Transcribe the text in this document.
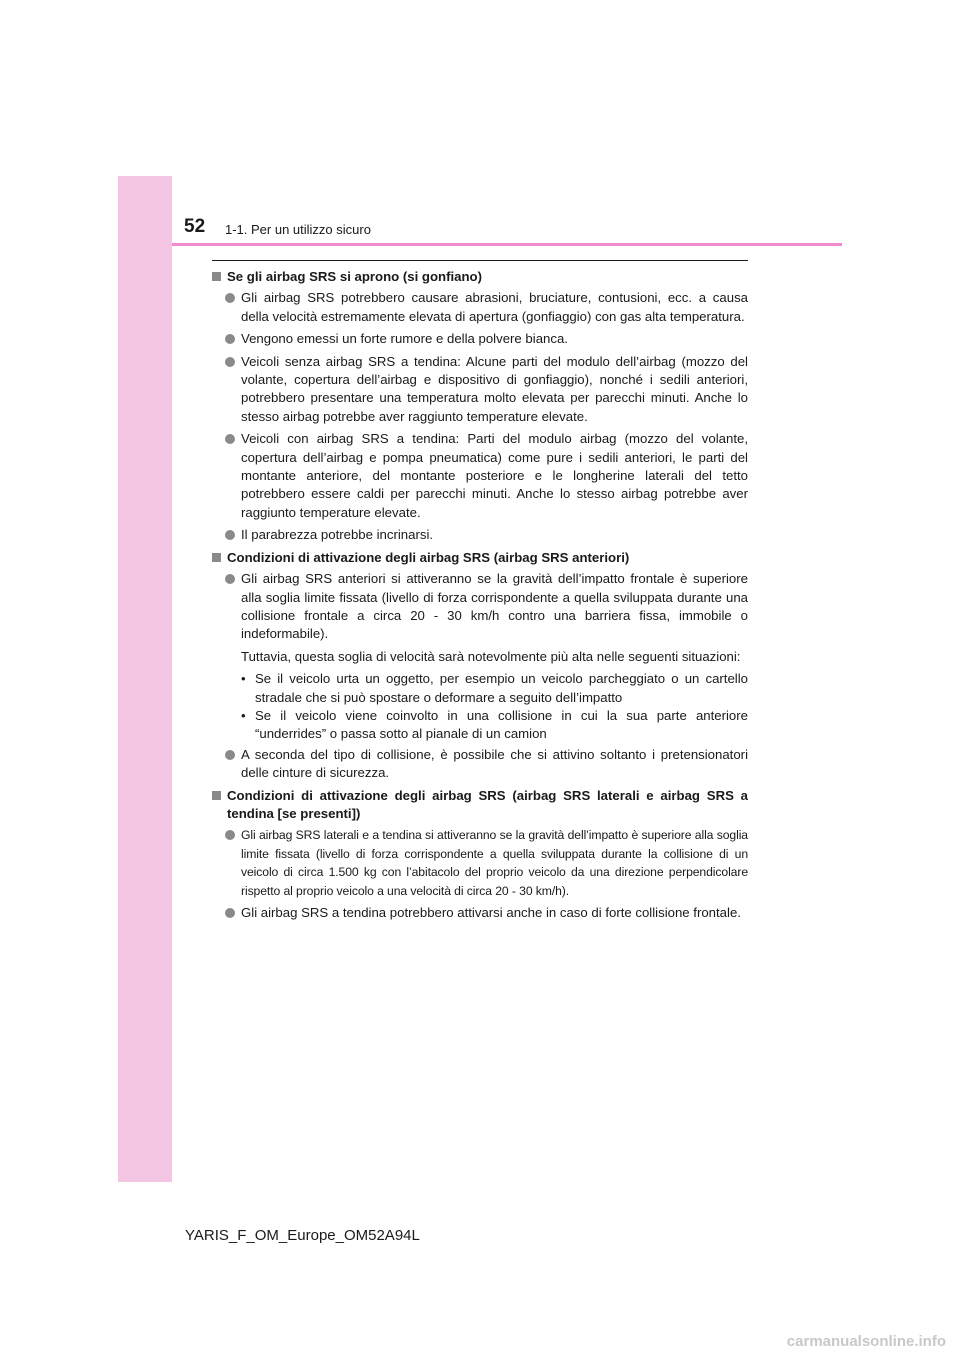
52 1-1. Per un utilizzo sicuro
Se gli airbag SRS si aprono (si gonfiano)
Gli airbag SRS potrebbero causare abrasioni, bruciature, contusioni, ecc. a causa della velocità estremamente elevata di apertura (gonfiaggio) con gas alta temperatura.
Vengono emessi un forte rumore e della polvere bianca.
Veicoli senza airbag SRS a tendina: Alcune parti del modulo dell’airbag (mozzo del volante, copertura dell’airbag e dispositivo di gonfiaggio), nonché i sedili anteriori, potrebbero presentare una temperatura molto elevata per parecchi minuti. Anche lo stesso airbag potrebbe aver raggiunto temperature elevate.
Veicoli con airbag SRS a tendina: Parti del modulo airbag (mozzo del volante, copertura dell’airbag e pompa pneumatica) come pure i sedili anteriori, le parti del montante anteriore, del montante posteriore e le longherine laterali del tetto potrebbero essere caldi per parecchi minuti. Anche lo stesso airbag potrebbe aver raggiunto temperature elevate.
Il parabrezza potrebbe incrinarsi.
Condizioni di attivazione degli airbag SRS (airbag SRS anteriori)
Gli airbag SRS anteriori si attiveranno se la gravità dell’impatto frontale è superiore alla soglia limite fissata (livello di forza corrispondente a quella sviluppata durante una collisione frontale a circa 20 - 30 km/h contro una barriera fissa, immobile o indeformabile).
Tuttavia, questa soglia di velocità sarà notevolmente più alta nelle seguenti situazioni:
• Se il veicolo urta un oggetto, per esempio un veicolo parcheggiato o un cartello stradale che si può spostare o deformare a seguito dell’impatto
• Se il veicolo viene coinvolto in una collisione in cui la sua parte anteriore “underrides” o passa sotto al pianale di un camion
A seconda del tipo di collisione, è possibile che si attivino soltanto i pretensionatori delle cinture di sicurezza.
Condizioni di attivazione degli airbag SRS (airbag SRS laterali e airbag SRS a tendina [se presenti])
Gli airbag SRS laterali e a tendina si attiveranno se la gravità dell’impatto è superiore alla soglia limite fissata (livello di forza corrispondente a quella sviluppata durante la collisione di un veicolo di circa 1.500 kg con l’abitacolo del proprio veicolo da una direzione perpendicolare rispetto al proprio veicolo a una velocità di circa 20 - 30 km/h).
Gli airbag SRS a tendina potrebbero attivarsi anche in caso di forte collisione frontale.
YARIS_F_OM_Europe_OM52A94L
carmanualsonline.info
